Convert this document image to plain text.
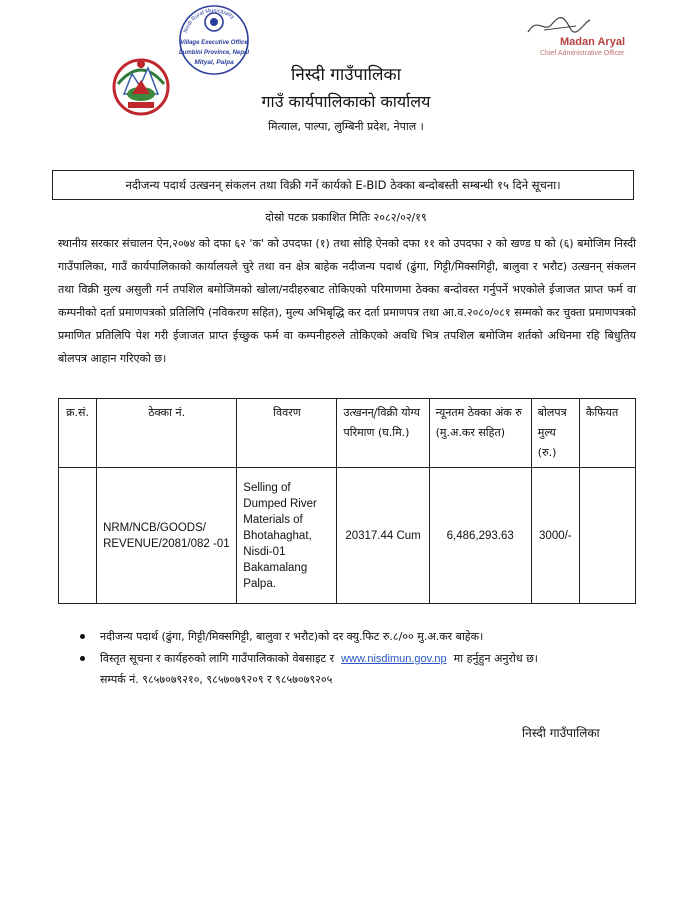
Nisdi Rural Municipality
Village Executive Office
Lumbini Province, Nepal
Mityal, Palpa
Madan Aryal
Chief Administrative Officer
निस्दी गाउँपालिका
गाउँ कार्यपालिकाको कार्यालय
मित्याल, पाल्पा, लुम्बिनी प्रदेश, नेपाल ।
नदीजन्य पदार्थ उत्खनन् संकलन तथा विक्री गर्ने कार्यको E-BID ठेक्का बन्दोबस्ती सम्बन्धी १५ दिने सूचना।
दोस्रो पटक प्रकाशित मितिः २०८२/०२/१९
स्थानीय सरकार संचालन ऐन,२०७४ को दफा ६२ 'क' को उपदफा (१) तथा सोहि ऐनको दफा ११ को उपदफा २ को खण्ड घ को (६) बमोजिम निस्दी गाउँपालिका, गाउँ कार्यपालिकाको कार्यालयले चुरे तथा वन क्षेत्र बाहेक नदीजन्य पदार्थ (ढुंगा, गिट्टी/मिक्सगिट्टी, बालुवा र भरौट) उत्खनन् संकलन तथा विक्री मुल्य असुली गर्न तपशिल बमोजिमको खोला/नदीहरुबाट तोकिएको परिमाणमा ठेक्का बन्दोवस्त गर्नुपर्ने भएकोले ईजाजत प्राप्त फर्म वा कम्पनीको दर्ता प्रमाणपत्रको प्रतिलिपि (नविकरण सहित), मुल्य अभिबृद्धि कर दर्ता प्रमाणपत्र तथा आ.व.२०८०/०८१ सम्मको कर चुक्ता प्रमाणपत्रको प्रमाणित प्रतिलिपि पेश गरी ईजाजत प्राप्त ईच्छुक फर्म वा कम्पनीहरुले तोकिएको अवधि भित्र तपशिल बमोजिम शर्तको अधिनमा रहि बिधुतिय बोलपत्र आहान गरिएको छ।
क्र.सं.	ठेक्का नं.	विवरण	उत्खनन्/विक्री योग्य परिमाण (घ.मि.)	न्यूनतम ठेक्का अंक रु (मु.अ.कर सहित)	बोलपत्र मुल्य (रु.)	कैफियत
	NRM/NCB/GOODS/ REVENUE/2081/082 -01	Selling of Dumped River Materials of Bhotahaghat, Nisdi-01 Bakamalang Palpa.	20317.44 Cum	6,486,293.63	3000/-	
नदीजन्य पदार्थ (ढुंगा, गिट्टी/मिक्सगिट्टी, बालुवा र भरौट)को दर क्यु.फिट रु.८/०० मु.अ.कर बाहेक।
विस्तृत सूचना र कार्यहरुको लागि गाउँपालिकाको वेबसाइट र www.nisdimun.gov.np मा हर्नुहुन अनुरोध छ।
सम्पर्क नं. ९८५७०७९२१०, ९८५७०७९२०९ र ९८५७०७९२०५
निस्दी गाउँपालिका
